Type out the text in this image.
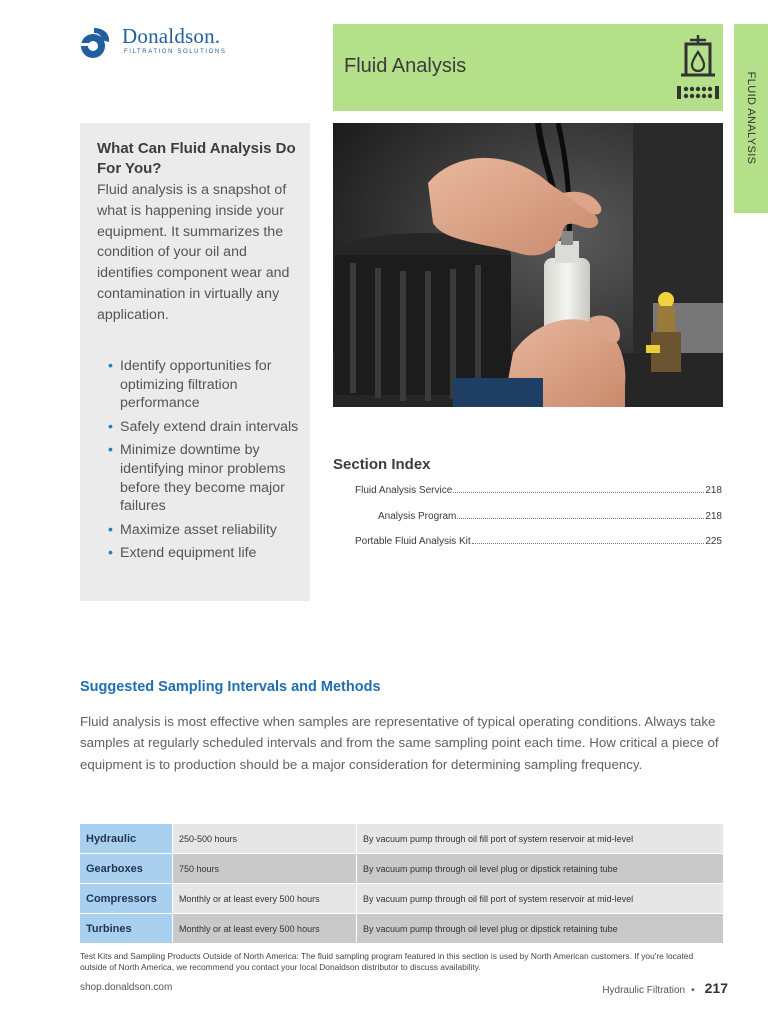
Donaldson.
FILTRATION SOLUTIONS
Fluid Analysis
FLUID ANALYSIS
What Can Fluid Analysis Do For You?
Fluid analysis is a snapshot of what is happening inside your equipment. It summarizes the condition of your oil and identifies component wear and contamination in virtually any application.
• Identify opportunities for optimizing filtration performance
• Safely extend drain intervals
• Minimize downtime by identifying minor problems before they become major failures
• Maximize asset reliability
• Extend equipment life
Section Index
Fluid Analysis Service	218
Analysis Program	218
Portable Fluid Analysis Kit	225
Suggested Sampling Intervals and Methods
Fluid analysis is most effective when samples are representative of typical operating conditions. Always take samples at regularly scheduled intervals and from the same sampling point each time. How critical a piece of equipment is to production should be a major consideration for determining sampling frequency.
Hydraulic	250-500 hours	By vacuum pump through oil fill port of system reservoir at mid-level
Gearboxes	750 hours	By vacuum pump through oil level plug or dipstick retaining tube
Compressors	Monthly or at least every 500 hours	By vacuum pump through oil fill port of system reservoir at mid-level
Turbines	Monthly or at least every 500 hours	By vacuum pump through oil level plug or dipstick retaining tube
Test Kits and Sampling Products Outside of North America: The fluid sampling program featured in this section is used by North American customers. If you're located outside of North America, we recommend you contact your local Donaldson distributor to discuss availability.
shop.donaldson.com	Hydraulic Filtration • 217
